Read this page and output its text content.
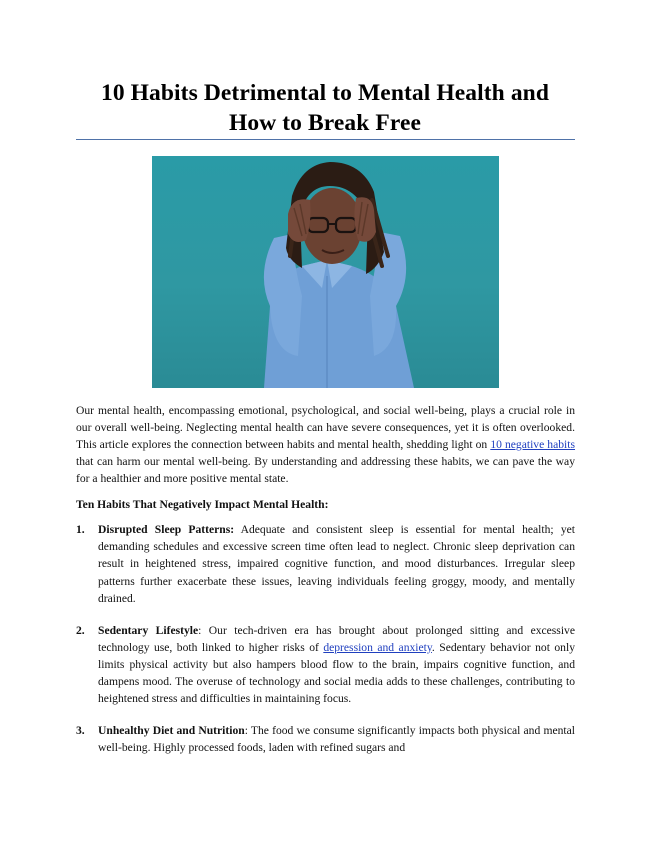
10 Habits Detrimental to Mental Health and
How to Break Free

Our mental health, encompassing emotional, psychological, and social well-being, plays a crucial role in our overall well-being. Neglecting mental health can have severe consequences, yet it is often overlooked. This article explores the connection between habits and mental health, shedding light on 10 negative habits that can harm our mental well-being. By understanding and addressing these habits, we can pave the way for a healthier and more positive mental state.

Ten Habits That Negatively Impact Mental Health:

1. Disrupted Sleep Patterns: Adequate and consistent sleep is essential for mental health; yet demanding schedules and excessive screen time often lead to neglect. Chronic sleep deprivation can result in heightened stress, impaired cognitive function, and mood disturbances. Irregular sleep patterns further exacerbate these issues, leaving individuals feeling groggy, moody, and mentally drained.
2. Sedentary Lifestyle: Our tech-driven era has brought about prolonged sitting and excessive technology use, both linked to higher risks of depression and anxiety. Sedentary behavior not only limits physical activity but also hampers blood flow to the brain, impairs cognitive function, and dampens mood. The overuse of technology and social media adds to these challenges, contributing to heightened stress and difficulties in maintaining focus.
3. Unhealthy Diet and Nutrition: The food we consume significantly impacts both physical and mental well-being. Highly processed foods, laden with refined sugars and
